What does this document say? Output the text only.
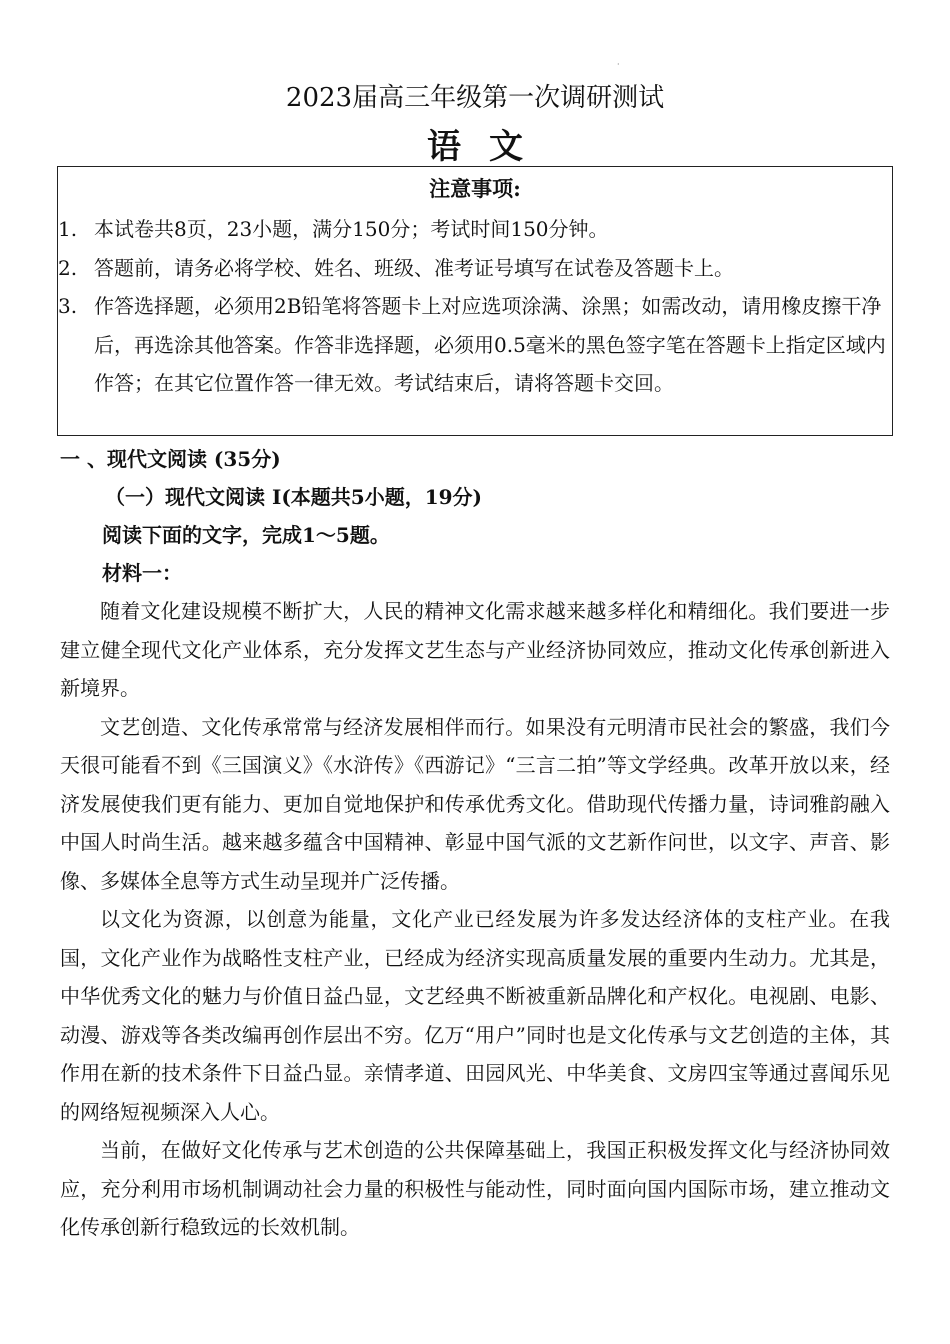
·
2023届高三年级第一次调研测试
语文
注意事项:
1. 本试卷共8页，23小题，满分150分；考试时间150分钟。
2. 答题前，请务必将学校、姓名、班级、准考证号填写在试卷及答题卡上。
3. 作答选择题，必须用2B铅笔将答题卡上对应选项涂满、涂黑；如需改动，请用橡皮擦干净后，再选涂其他答案。作答非选择题，必须用0.5毫米的黑色签字笔在答题卡上指定区域内作答；在其它位置作答一律无效。考试结束后，请将答题卡交回。
一 、现代文阅读 (35分)
（一）现代文阅读 I(本题共5小题，19分)
阅读下面的文字，完成1～5题。
材料一：

随着文化建设规模不断扩大，人民的精神文化需求越来越多样化和精细化。我们要进一步建立健全现代文化产业体系，充分发挥文艺生态与产业经济协同效应，推动文化传承创新进入新境界。

文艺创造、文化传承常常与经济发展相伴而行。如果没有元明清市民社会的繁盛，我们今天很可能看不到《三国演义》《水浒传》《西游记》“三言二拍”等文学经典。改革开放以来，经济发展使我们更有能力、更加自觉地保护和传承优秀文化。借助现代传播力量，诗词雅韵融入中国人时尚生活。越来越多蕴含中国精神、彰显中国气派的文艺新作问世，以文字、声音、影像、多媒体全息等方式生动呈现并广泛传播。

以文化为资源，以创意为能量，文化产业已经发展为许多发达经济体的支柱产业。在我国，文化产业作为战略性支柱产业，已经成为经济实现高质量发展的重要内生动力。尤其是，中华优秀文化的魅力与价值日益凸显，文艺经典不断被重新品牌化和产权化。电视剧、电影、动漫、游戏等各类改编再创作层出不穷。亿万“用户”同时也是文化传承与文艺创造的主体，其作用在新的技术条件下日益凸显。亲情孝道、田园风光、中华美食、文房四宝等通过喜闻乐见的网络短视频深入人心。

当前，在做好文化传承与艺术创造的公共保障基础上，我国正积极发挥文化与经济协同效应，充分利用市场机制调动社会力量的积极性与能动性，同时面向国内国际市场，建立推动文化传承创新行稳致远的长效机制。
